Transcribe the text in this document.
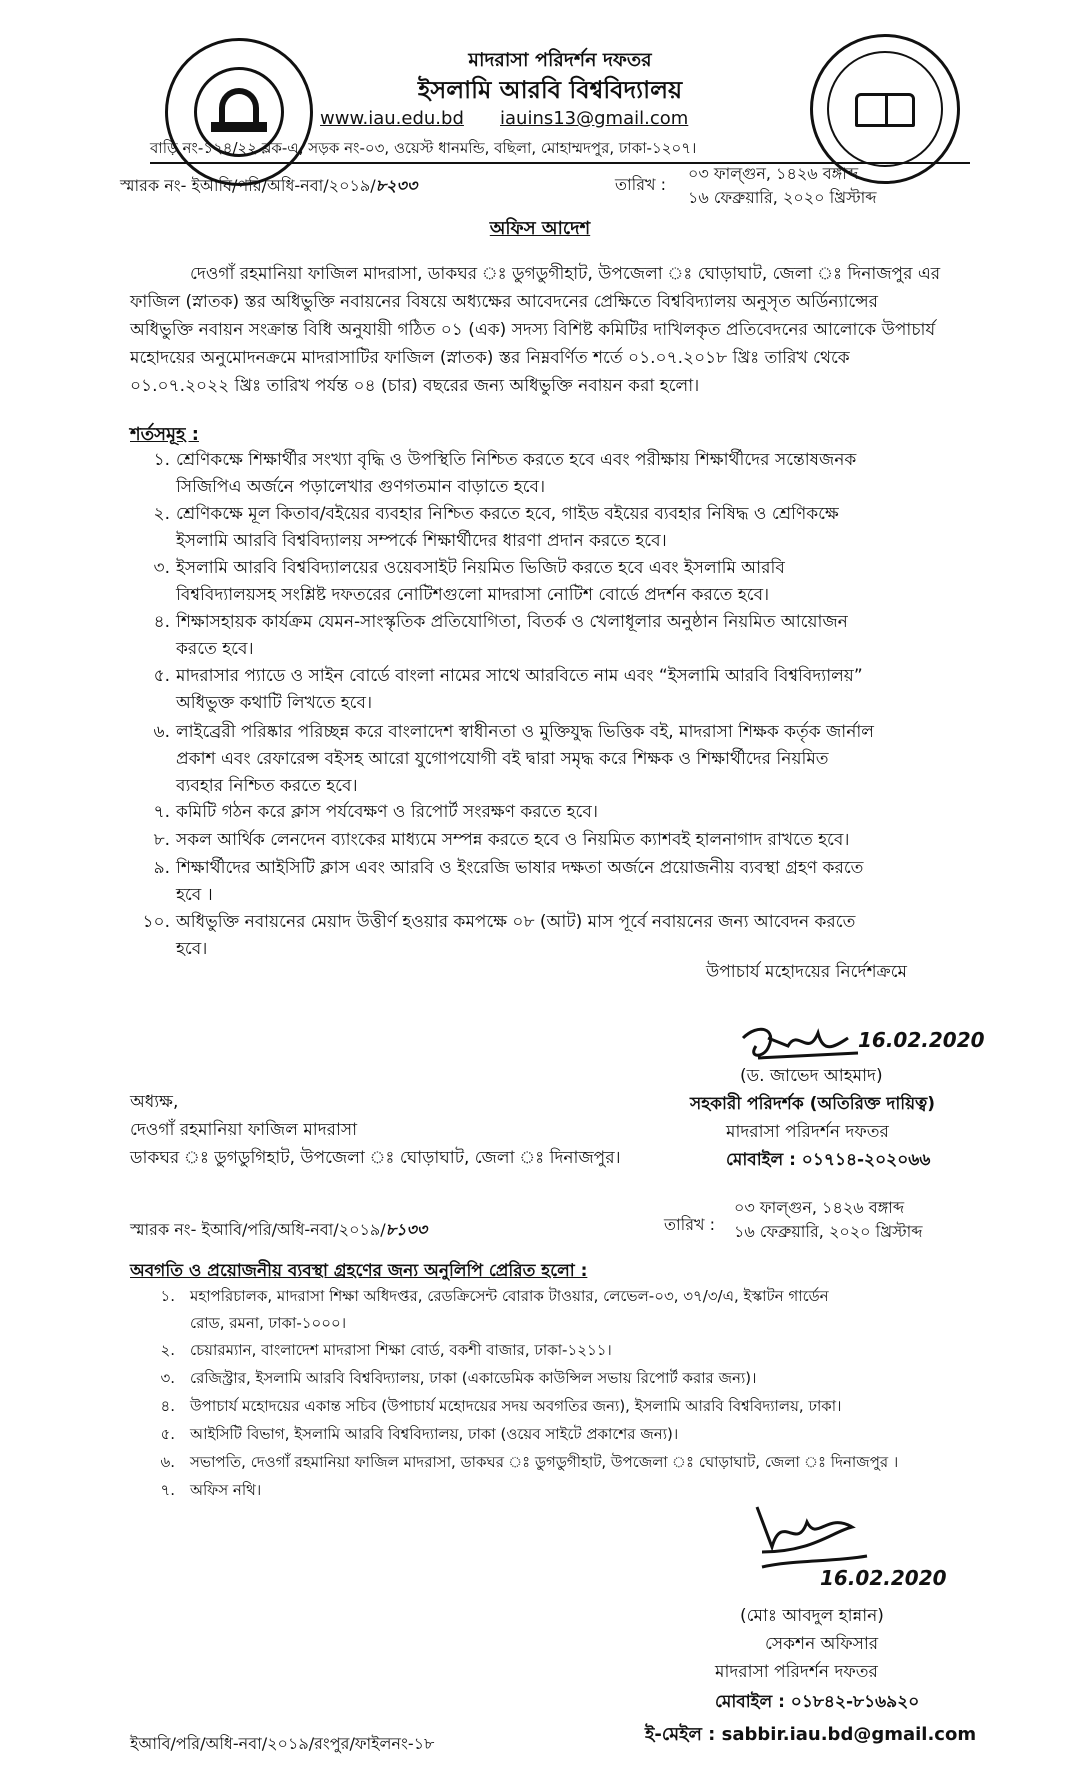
মাদরাসা পরিদর্শন দফতর
ইসলামি আরবি বিশ্ববিদ্যালয়
www.iau.edu.bd iauins13@gmail.com
বাড়ি নং-১২৪/২২ ব্লক-এ, সড়ক নং-০৩, ওয়েস্ট ধানমন্ডি, বছিলা, মোহাম্মদপুর, ঢাকা-১২০৭।
স্মারক নং- ইআবি/পরি/অধি-নবা/২০১৯/৮২৩৩	তারিখ :
০৩ ফাল্গুন, ১৪২৬ বঙ্গাব্দ
১৬ ফেব্রুয়ারি, ২০২০ খ্রিস্টাব্দ
অফিস আদেশ
দেওগাঁ রহমানিয়া ফাজিল মাদরাসা, ডাকঘর ঃ ডুগডুগীহাট, উপজেলা ঃ ঘোড়াঘাট, জেলা ঃ দিনাজপুর এর
ফাজিল (স্নাতক) স্তর অধিভুক্তি নবায়নের বিষয়ে অধ্যক্ষের আবেদনের প্রেক্ষিতে বিশ্ববিদ্যালয় অনুসৃত অর্ডিন্যান্সের
অধিভুক্তি নবায়ন সংক্রান্ত বিধি অনুযায়ী গঠিত ০১ (এক) সদস্য বিশিষ্ট কমিটির দাখিলকৃত প্রতিবেদনের আলোকে উপাচার্য
মহোদয়ের অনুমোদনক্রমে মাদরাসাটির ফাজিল (স্নাতক) স্তর নিম্নবর্ণিত শর্তে ০১.০৭.২০১৮ খ্রিঃ তারিখ থেকে
০১.০৭.২০২২ খ্রিঃ তারিখ পর্যন্ত ০৪ (চার) বছরের জন্য অধিভুক্তি নবায়ন করা হলো।
শর্তসমূহ :
১. শ্রেণিকক্ষে শিক্ষার্থীর সংখ্যা বৃদ্ধি ও উপস্থিতি নিশ্চিত করতে হবে এবং পরীক্ষায় শিক্ষার্থীদের সন্তোষজনক
সিজিপিএ অর্জনে পড়ালেখার গুণগতমান বাড়াতে হবে।
২. শ্রেণিকক্ষে মূল কিতাব/বইয়ের ব্যবহার নিশ্চিত করতে হবে, গাইড বইয়ের ব্যবহার নিষিদ্ধ ও শ্রেণিকক্ষে
ইসলামি আরবি বিশ্ববিদ্যালয় সম্পর্কে শিক্ষার্থীদের ধারণা প্রদান করতে হবে।
৩. ইসলামি আরবি বিশ্ববিদ্যালয়ের ওয়েবসাইট নিয়মিত ভিজিট করতে হবে এবং ইসলামি আরবি
বিশ্ববিদ্যালয়সহ সংশ্লিষ্ট দফতরের নোটিশগুলো মাদরাসা নোটিশ বোর্ডে প্রদর্শন করতে হবে।
৪. শিক্ষাসহায়ক কার্যক্রম যেমন-সাংস্কৃতিক প্রতিযোগিতা, বিতর্ক ও খেলাধূলার অনুষ্ঠান নিয়মিত আয়োজন
করতে হবে।
৫. মাদরাসার প্যাডে ও সাইন বোর্ডে বাংলা নামের সাথে আরবিতে নাম এবং “ইসলামি আরবি বিশ্ববিদ্যালয়”
অধিভুক্ত কথাটি লিখতে হবে।
৬. লাইব্রেরী পরিষ্কার পরিচ্ছন্ন করে বাংলাদেশ স্বাধীনতা ও মুক্তিযুদ্ধ ভিত্তিক বই, মাদরাসা শিক্ষক কর্তৃক জার্নাল
প্রকাশ এবং রেফারেন্স বইসহ আরো যুগোপযোগী বই দ্বারা সমৃদ্ধ করে শিক্ষক ও শিক্ষার্থীদের নিয়মিত
ব্যবহার নিশ্চিত করতে হবে।
৭. কমিটি গঠন করে ক্লাস পর্যবেক্ষণ ও রিপোর্ট সংরক্ষণ করতে হবে।
৮. সকল আর্থিক লেনদেন ব্যাংকের মাধ্যমে সম্পন্ন করতে হবে ও নিয়মিত ক্যাশবই হালনাগাদ রাখতে হবে।
৯. শিক্ষার্থীদের আইসিটি ক্লাস এবং আরবি ও ইংরেজি ভাষার দক্ষতা অর্জনে প্রয়োজনীয় ব্যবস্থা গ্রহণ করতে
হবে ।
১০. অধিভুক্তি নবায়নের মেয়াদ উত্তীর্ণ হওয়ার কমপক্ষে ০৮ (আট) মাস পূর্বে নবায়নের জন্য আবেদন করতে
হবে।
উপাচার্য মহোদয়ের নির্দেশক্রমে
16.02.2020
(ড. জাভেদ আহমাদ)
সহকারী পরিদর্শক (অতিরিক্ত দায়িত্ব)
মাদরাসা পরিদর্শন দফতর
মোবাইল : ০১৭১৪-২০২০৬৬
অধ্যক্ষ,
দেওগাঁ রহমানিয়া ফাজিল মাদরাসা
ডাকঘর ঃ ডুগডুগিহাট, উপজেলা ঃ ঘোড়াঘাট, জেলা ঃ দিনাজপুর।
স্মারক নং- ইআবি/পরি/অধি-নবা/২০১৯/৮১৩৩	তারিখ :
০৩ ফাল্গুন, ১৪২৬ বঙ্গাব্দ
১৬ ফেব্রুয়ারি, ২০২০ খ্রিস্টাব্দ
অবগতি ও প্রয়োজনীয় ব্যবস্থা গ্রহণের জন্য অনুলিপি প্রেরিত হলো :
১. মহাপরিচালক, মাদরাসা শিক্ষা অধিদপ্তর, রেডক্রিসেন্ট বোরাক টাওয়ার, লেভেল-০৩, ৩৭/৩/এ, ইস্কাটন গার্ডেন
রোড, রমনা, ঢাকা-১০০০।
২. চেয়ারম্যান, বাংলাদেশ মাদরাসা শিক্ষা বোর্ড, বকশী বাজার, ঢাকা-১২১১।
৩. রেজিস্ট্রার, ইসলামি আরবি বিশ্ববিদ্যালয়, ঢাকা (একাডেমিক কাউন্সিল সভায় রিপোর্ট করার জন্য)।
৪. উপাচার্য মহোদয়ের একান্ত সচিব (উপাচার্য মহোদয়ের সদয় অবগতির জন্য), ইসলামি আরবি বিশ্ববিদ্যালয়, ঢাকা।
৫. আইসিটি বিভাগ, ইসলামি আরবি বিশ্ববিদ্যালয়, ঢাকা (ওয়েব সাইটে প্রকাশের জন্য)।
৬. সভাপতি, দেওগাঁ রহমানিয়া ফাজিল মাদরাসা, ডাকঘর ঃ ডুগডুগীহাট, উপজেলা ঃ ঘোড়াঘাট, জেলা ঃ দিনাজপুর ।
৭. অফিস নথি।
16.02.2020
(মোঃ আবদুল হান্নান)
সেকশন অফিসার
মাদরাসা পরিদর্শন দফতর
মোবাইল : ০১৮৪২-৮১৬৯২০
ই-মেইল : sabbir.iau.bd@gmail.com
ইআবি/পরি/অধি-নবা/২০১৯/রংপুর/ফাইলনং-১৮
